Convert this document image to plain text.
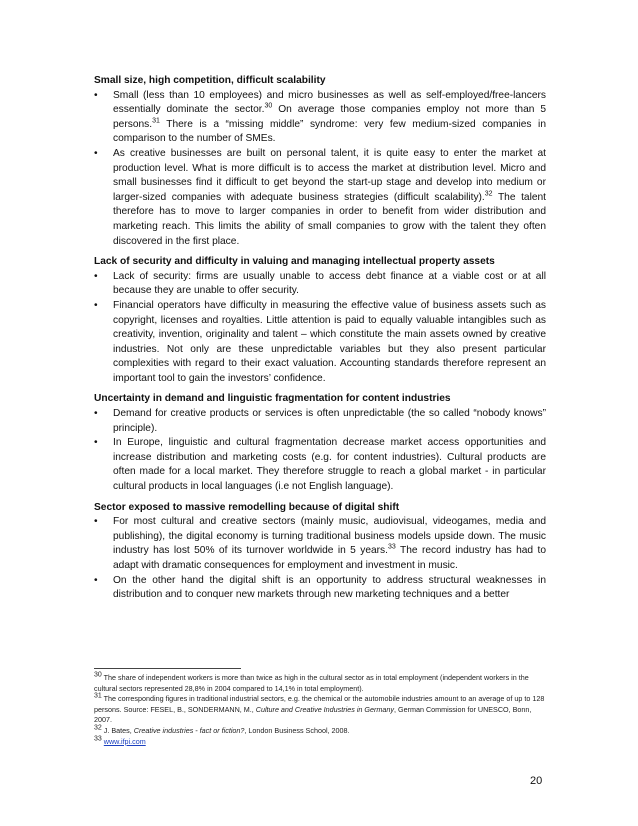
Small size, high competition, difficult scalability

•	Small (less than 10 employees) and micro businesses as well as self-employed/free-lancers essentially dominate the sector.$^{30}$ On average those companies employ not more than 5 persons.$^{31}$ There is a “missing middle” syndrome: very few medium-sized companies in comparison to the number of SMEs.

•	As creative businesses are built on personal talent, it is quite easy to enter the market at production level. What is more difficult is to access the market at distribution level. Micro and small businesses find it difficult to get beyond the start-up stage and develop into medium or larger-sized companies with adequate business strategies (difficult scalability).$^{32}$ The talent therefore has to move to larger companies in order to benefit from wider distribution and marketing reach. This limits the ability of small companies to grow with the talent they often discovered in the first place.

Lack of security and difficulty in valuing and managing intellectual property assets

•	Lack of security: firms are usually unable to access debt finance at a viable cost or at all because they are unable to offer security.

•	Financial operators have difficulty in measuring the effective value of business assets such as copyright, licenses and royalties. Little attention is paid to equally valuable intangibles such as creativity, invention, originality and talent – which constitute the main assets owned by creative industries. Not only are these unpredictable variables but they also present particular complexities with regard to their exact valuation. Accounting standards therefore represent an important tool to gain the investors’ confidence.

Uncertainty in demand and linguistic fragmentation for content industries

•	Demand for creative products or services is often unpredictable (the so called “nobody knows” principle).

•	In Europe, linguistic and cultural fragmentation decrease market access opportunities and increase distribution and marketing costs (e.g. for content industries). Cultural products are often made for a local market. They therefore struggle to reach a global market - in particular cultural products in local languages (i.e not English language).

Sector exposed to massive remodelling because of digital shift

•	For most cultural and creative sectors (mainly music, audiovisual, videogames, media and publishing), the digital economy is turning traditional business models upside down. The music industry has lost 50% of its turnover worldwide in 5 years.$^{33}$ The record industry has had to adapt with dramatic consequences for employment and investment in music.

•	On the other hand the digital shift is an opportunity to address structural weaknesses in distribution and to conquer new markets through new marketing techniques and a better

$^{30}$ The share of independent workers is more than twice as high in the cultural sector as in total employment (independent workers in the cultural sectors represented 28,8% in 2004 compared to 14,1% in total employment).

$^{31}$ The corresponding figures in traditional industrial sectors, e.g. the chemical or the automobile industries amount to an average of up to 128 persons. Source: FESEL, B., SONDERMANN, M., Culture and Creative Industries in Germany, German Commission for UNESCO, Bonn, 2007.

$^{32}$ J. Bates, Creative industries - fact or fiction?, London Business School, 2008.

$^{33}$ www.ifpi.com

20
